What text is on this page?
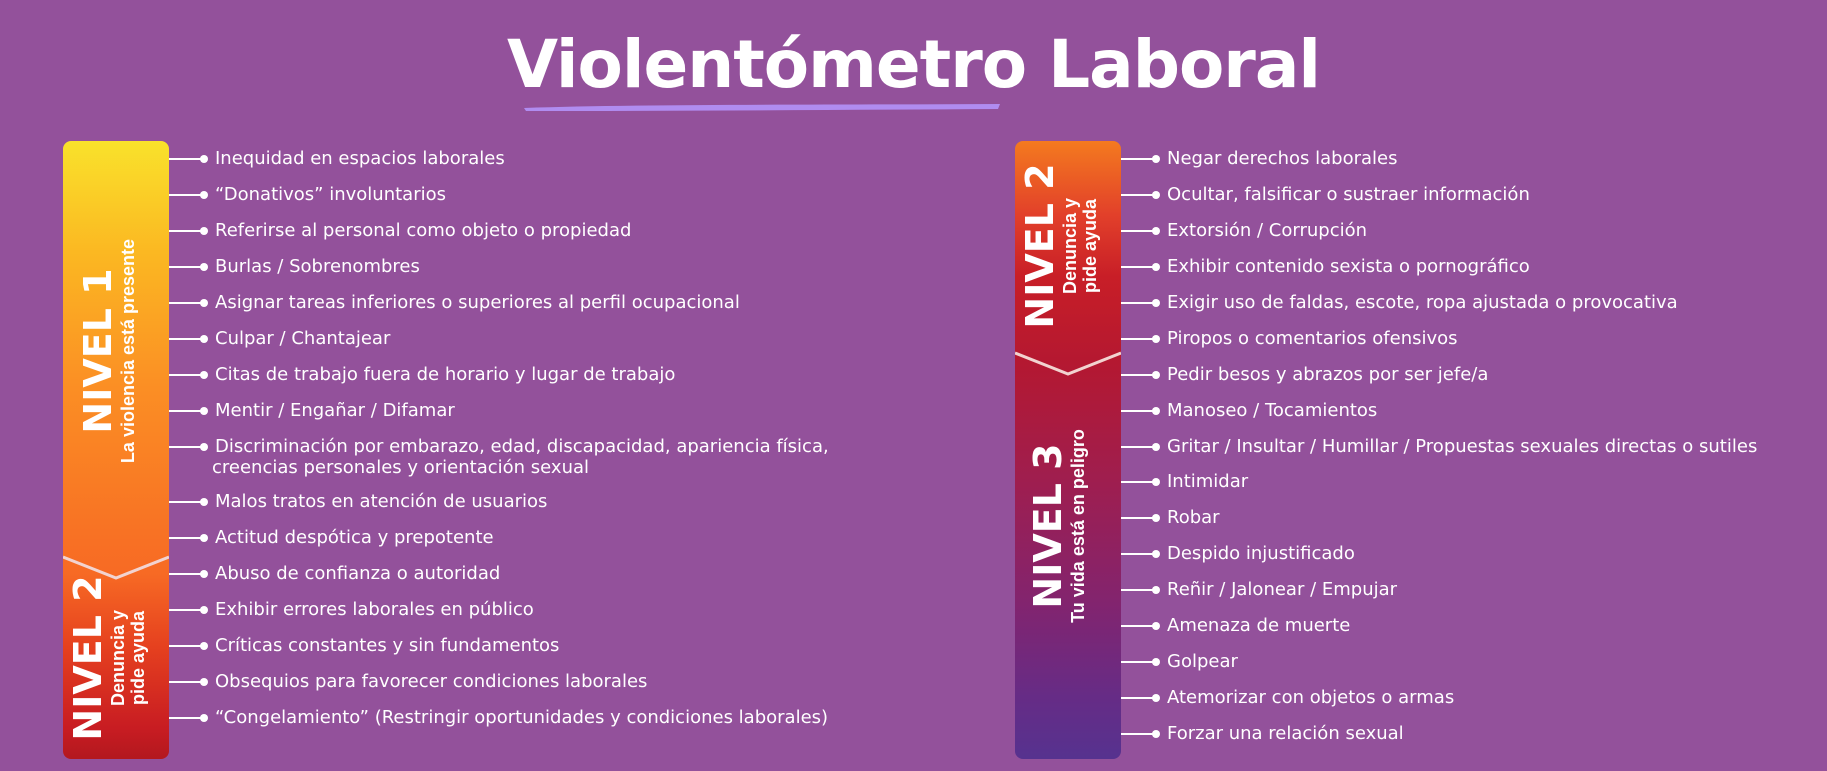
Violentómetro Laboral
NIVEL 1
La violencia está presente
NIVEL 2
Denuncia y pide ayuda
NIVEL 2
Denuncia y pide ayuda
NIVEL 3
Tu vida está en peligro
Inequidad en espacios laborales
“Donativos” involuntarios
Referirse al personal como objeto o propiedad
Burlas / Sobrenombres
Asignar tareas inferiores o superiores al perfil ocupacional
Culpar / Chantajear
Citas de trabajo fuera de horario y lugar de trabajo
Mentir / Engañar / Difamar
Discriminación por embarazo, edad, discapacidad, apariencia física,
creencias personales y orientación sexual
Malos tratos en atención de usuarios
Actitud despótica y prepotente
Abuso de confianza o autoridad
Exhibir errores laborales en público
Críticas constantes y sin fundamentos
Obsequios para favorecer condiciones laborales
“Congelamiento” (Restringir oportunidades y condiciones laborales)
Negar derechos laborales
Ocultar, falsificar o sustraer información
Extorsión / Corrupción
Exhibir contenido sexista o pornográfico
Exigir uso de faldas, escote, ropa ajustada o provocativa
Piropos o comentarios ofensivos
Pedir besos y abrazos por ser jefe/a
Manoseo / Tocamientos
Gritar / Insultar / Humillar / Propuestas sexuales directas o sutiles
Intimidar
Robar
Despido injustificado
Reñir / Jalonear / Empujar
Amenaza de muerte
Golpear
Atemorizar con objetos o armas
Forzar una relación sexual
